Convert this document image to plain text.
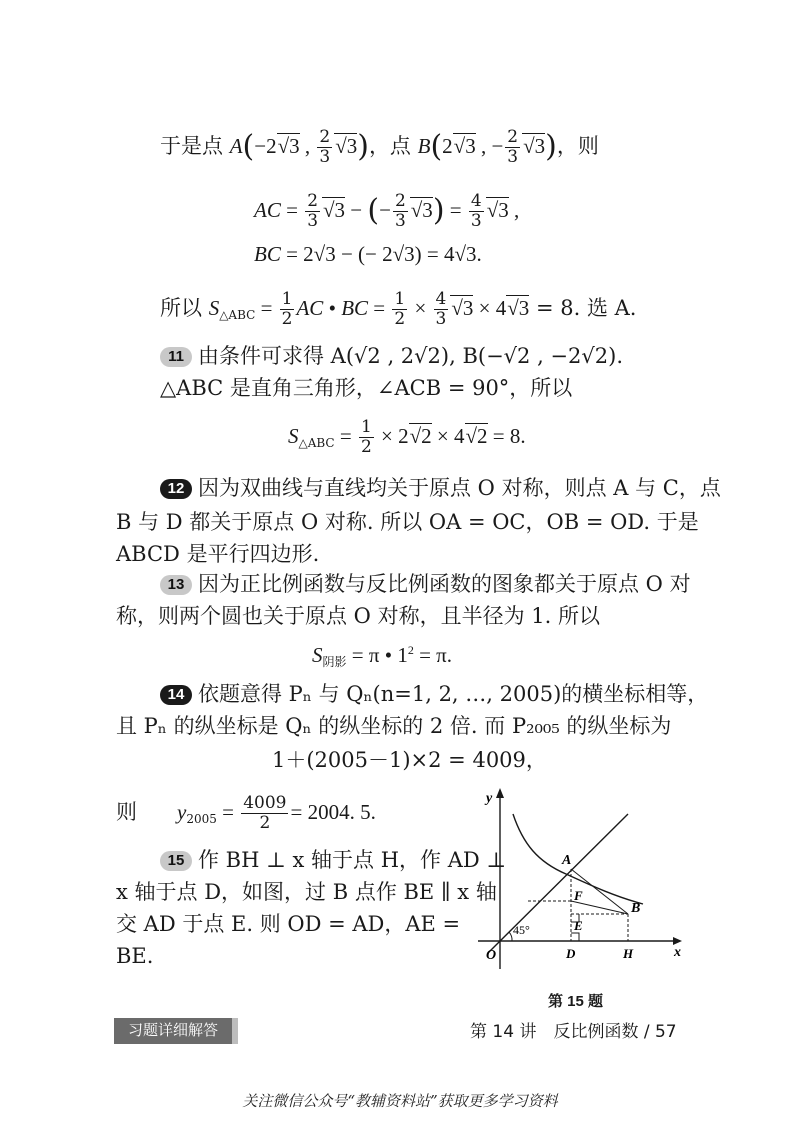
于是点 A(−2√3 , $\frac{2}{3} √3$)，点 B(2√3 , − $\frac{2}{3} √3$)，则
AC = $\frac{2}{3} √3$ − (− $\frac{2}{3} √3) = \frac{4}{3} √3$ ,
BC = 2√3 − (− 2√3) = 4√3.
所以 $S_{\triangle ABC} = \frac{1}{2}$ AC • BC = $\frac{1}{2} \times \frac{4}{3} √3 \times 4√3 = 8$. 选 A.
11 由条件可求得 A(√2 , 2√2), B(−√2 , −2√2).
△ABC 是直角三角形，∠ACB = 90°，所以
$S_{\triangle ABC} = \frac{1}{2} \times 2√2 \times 4√2 = 8$.
12 因为双曲线与直线均关于原点 O 对称，则点 A 与 C，点
B 与 D 都关于原点 O 对称. 所以 OA = OC，OB = OD. 于是
ABCD 是平行四边形.
13 因为正比例函数与反比例函数的图象都关于原点 O 对
称，则两个圆也关于原点 O 对称，且半径为 1. 所以
$S_{阴影} = \pi$ • $1^2 = \pi$.
14 依题意得 Pₙ 与 Qₙ(n=1, 2, …, 2005)的横坐标相等，
且 Pₙ 的纵坐标是 Qₙ 的纵坐标的 2 倍. 而 P₂₀₀₅ 的纵坐标为
1＋(2005－1)×2 = 4009，
则 $y_{2005} = \frac{4009}{2} = 2004$. 5.
15 作 BH ⊥ x 轴于点 H，作 AD ⊥
x 轴于点 D，如图，过 B 点作 BE ∥ x 轴
交 AD 于点 E. 则 OD = AD，AE =
BE.
y
x
O
A
F
E
B
D	H
45°
第 15 题
习题详细解答	第 14 讲　反比例函数 / 57
关注微信公众号“教辅资料站”获取更多学习资料
